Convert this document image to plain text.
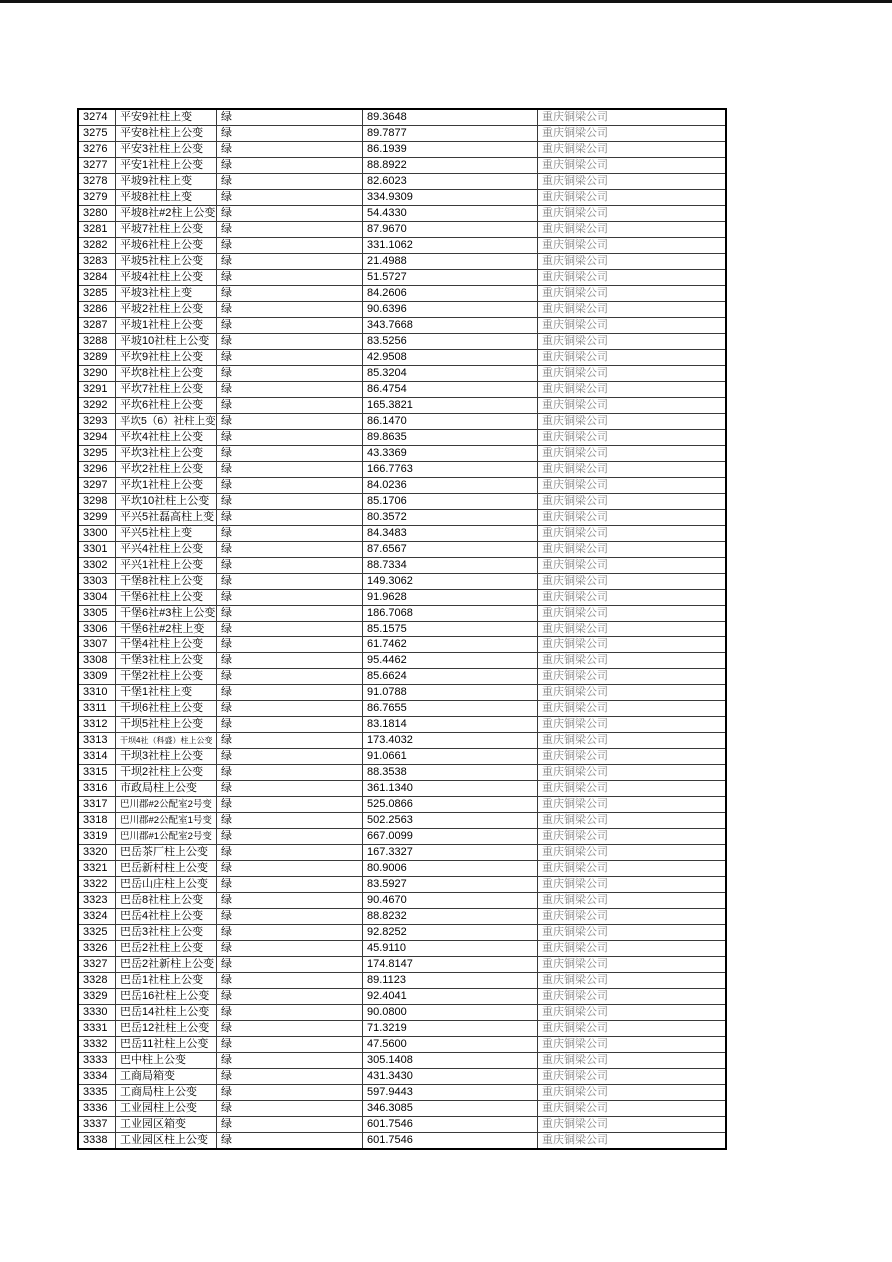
3274	平安9社柱上变	绿	89.3648	重庆铜梁公司
3275	平安8社柱上公变	绿	89.7877	重庆铜梁公司
3276	平安3社柱上公变	绿	86.1939	重庆铜梁公司
3277	平安1社柱上公变	绿	88.8922	重庆铜梁公司
3278	平坡9社柱上变	绿	82.6023	重庆铜梁公司
3279	平坡8社柱上变	绿	334.9309	重庆铜梁公司
3280	平坡8社#2柱上公变 绿	54.4330	重庆铜梁公司
3281	平坡7社柱上公变	绿	87.9670	重庆铜梁公司
3282	平坡6社柱上公变	绿	331.1062	重庆铜梁公司
3283	平坡5社柱上公变	绿	21.4988	重庆铜梁公司
3284	平坡4社柱上公变	绿	51.5727	重庆铜梁公司
3285	平坡3社柱上变	绿	84.2606	重庆铜梁公司
3286	平坡2社柱上公变	绿	90.6396	重庆铜梁公司
3287	平坡1社柱上公变	绿	343.7668	重庆铜梁公司
3288	平坡10社柱上公变	绿	83.5256	重庆铜梁公司
3289	平坎9社柱上公变	绿	42.9508	重庆铜梁公司
3290	平坎8社柱上公变	绿	85.3204	重庆铜梁公司
3291	平坎7社柱上公变	绿	86.4754	重庆铜梁公司
3292	平坎6社柱上公变	绿	165.3821	重庆铜梁公司
3293	平坎5（6）社柱上变 绿	86.1470	重庆铜梁公司
3294	平坎4社柱上公变	绿	89.8635	重庆铜梁公司
3295	平坎3社柱上公变	绿	43.3369	重庆铜梁公司
3296	平坎2社柱上公变	绿	166.7763	重庆铜梁公司
3297	平坎1社柱上公变	绿	84.0236	重庆铜梁公司
3298	平坎10社柱上公变	绿	85.1706	重庆铜梁公司
3299	平兴5社磊高柱上变 绿	80.3572	重庆铜梁公司
3300	平兴5社柱上变	绿	84.3483	重庆铜梁公司
3301	平兴4社柱上公变	绿	87.6567	重庆铜梁公司
3302	平兴1社柱上公变	绿	88.7334	重庆铜梁公司
3303	干堡8社柱上公变	绿	149.3062	重庆铜梁公司
3304	干堡6社柱上公变	绿	91.9628	重庆铜梁公司
3305	干堡6社#3柱上公变 绿	186.7068	重庆铜梁公司
3306	干堡6社#2柱上变	绿	85.1575	重庆铜梁公司
3307	干堡4社柱上公变	绿	61.7462	重庆铜梁公司
3308	干堡3社柱上公变	绿	95.4462	重庆铜梁公司
3309	干堡2社柱上公变	绿	85.6624	重庆铜梁公司
3310	干堡1社柱上变	绿	91.0788	重庆铜梁公司
3311	干坝6社柱上公变	绿	86.7655	重庆铜梁公司
3312	干坝5社柱上公变	绿	83.1814	重庆铜梁公司
3313	干坝4社（科盛）柱上公变 绿	173.4032	重庆铜梁公司
3314	干坝3社柱上公变	绿	91.0661	重庆铜梁公司
3315	干坝2社柱上公变	绿	88.3538	重庆铜梁公司
3316	市政局柱上公变	绿	361.1340	重庆铜梁公司
3317	巴川郡#2公配室2号变 绿	525.0866	重庆铜梁公司
3318	巴川郡#2公配室1号变 绿	502.2563	重庆铜梁公司
3319	巴川郡#1公配室2号变 绿	667.0099	重庆铜梁公司
3320	巴岳茶厂柱上公变	绿	167.3327	重庆铜梁公司
3321	巴岳新村柱上公变	绿	80.9006	重庆铜梁公司
3322	巴岳山庄柱上公变	绿	83.5927	重庆铜梁公司
3323	巴岳8社柱上公变	绿	90.4670	重庆铜梁公司
3324	巴岳4社柱上公变	绿	88.8232	重庆铜梁公司
3325	巴岳3社柱上公变	绿	92.8252	重庆铜梁公司
3326	巴岳2社柱上公变	绿	45.9110	重庆铜梁公司
3327	巴岳2社新柱上公变 绿	174.8147	重庆铜梁公司
3328	巴岳1社柱上公变	绿	89.1123	重庆铜梁公司
3329	巴岳16社柱上公变	绿	92.4041	重庆铜梁公司
3330	巴岳14社柱上公变	绿	90.0800	重庆铜梁公司
3331	巴岳12社柱上公变	绿	71.3219	重庆铜梁公司
3332	巴岳11社柱上公变	绿	47.5600	重庆铜梁公司
3333	巴中柱上公变	绿	305.1408	重庆铜梁公司
3334	工商局箱变	绿	431.3430	重庆铜梁公司
3335	工商局柱上公变	绿	597.9443	重庆铜梁公司
3336	工业园柱上公变	绿	346.3085	重庆铜梁公司
3337	工业园区箱变	绿	601.7546	重庆铜梁公司
3338	工业园区柱上公变	绿	601.7546	重庆铜梁公司
